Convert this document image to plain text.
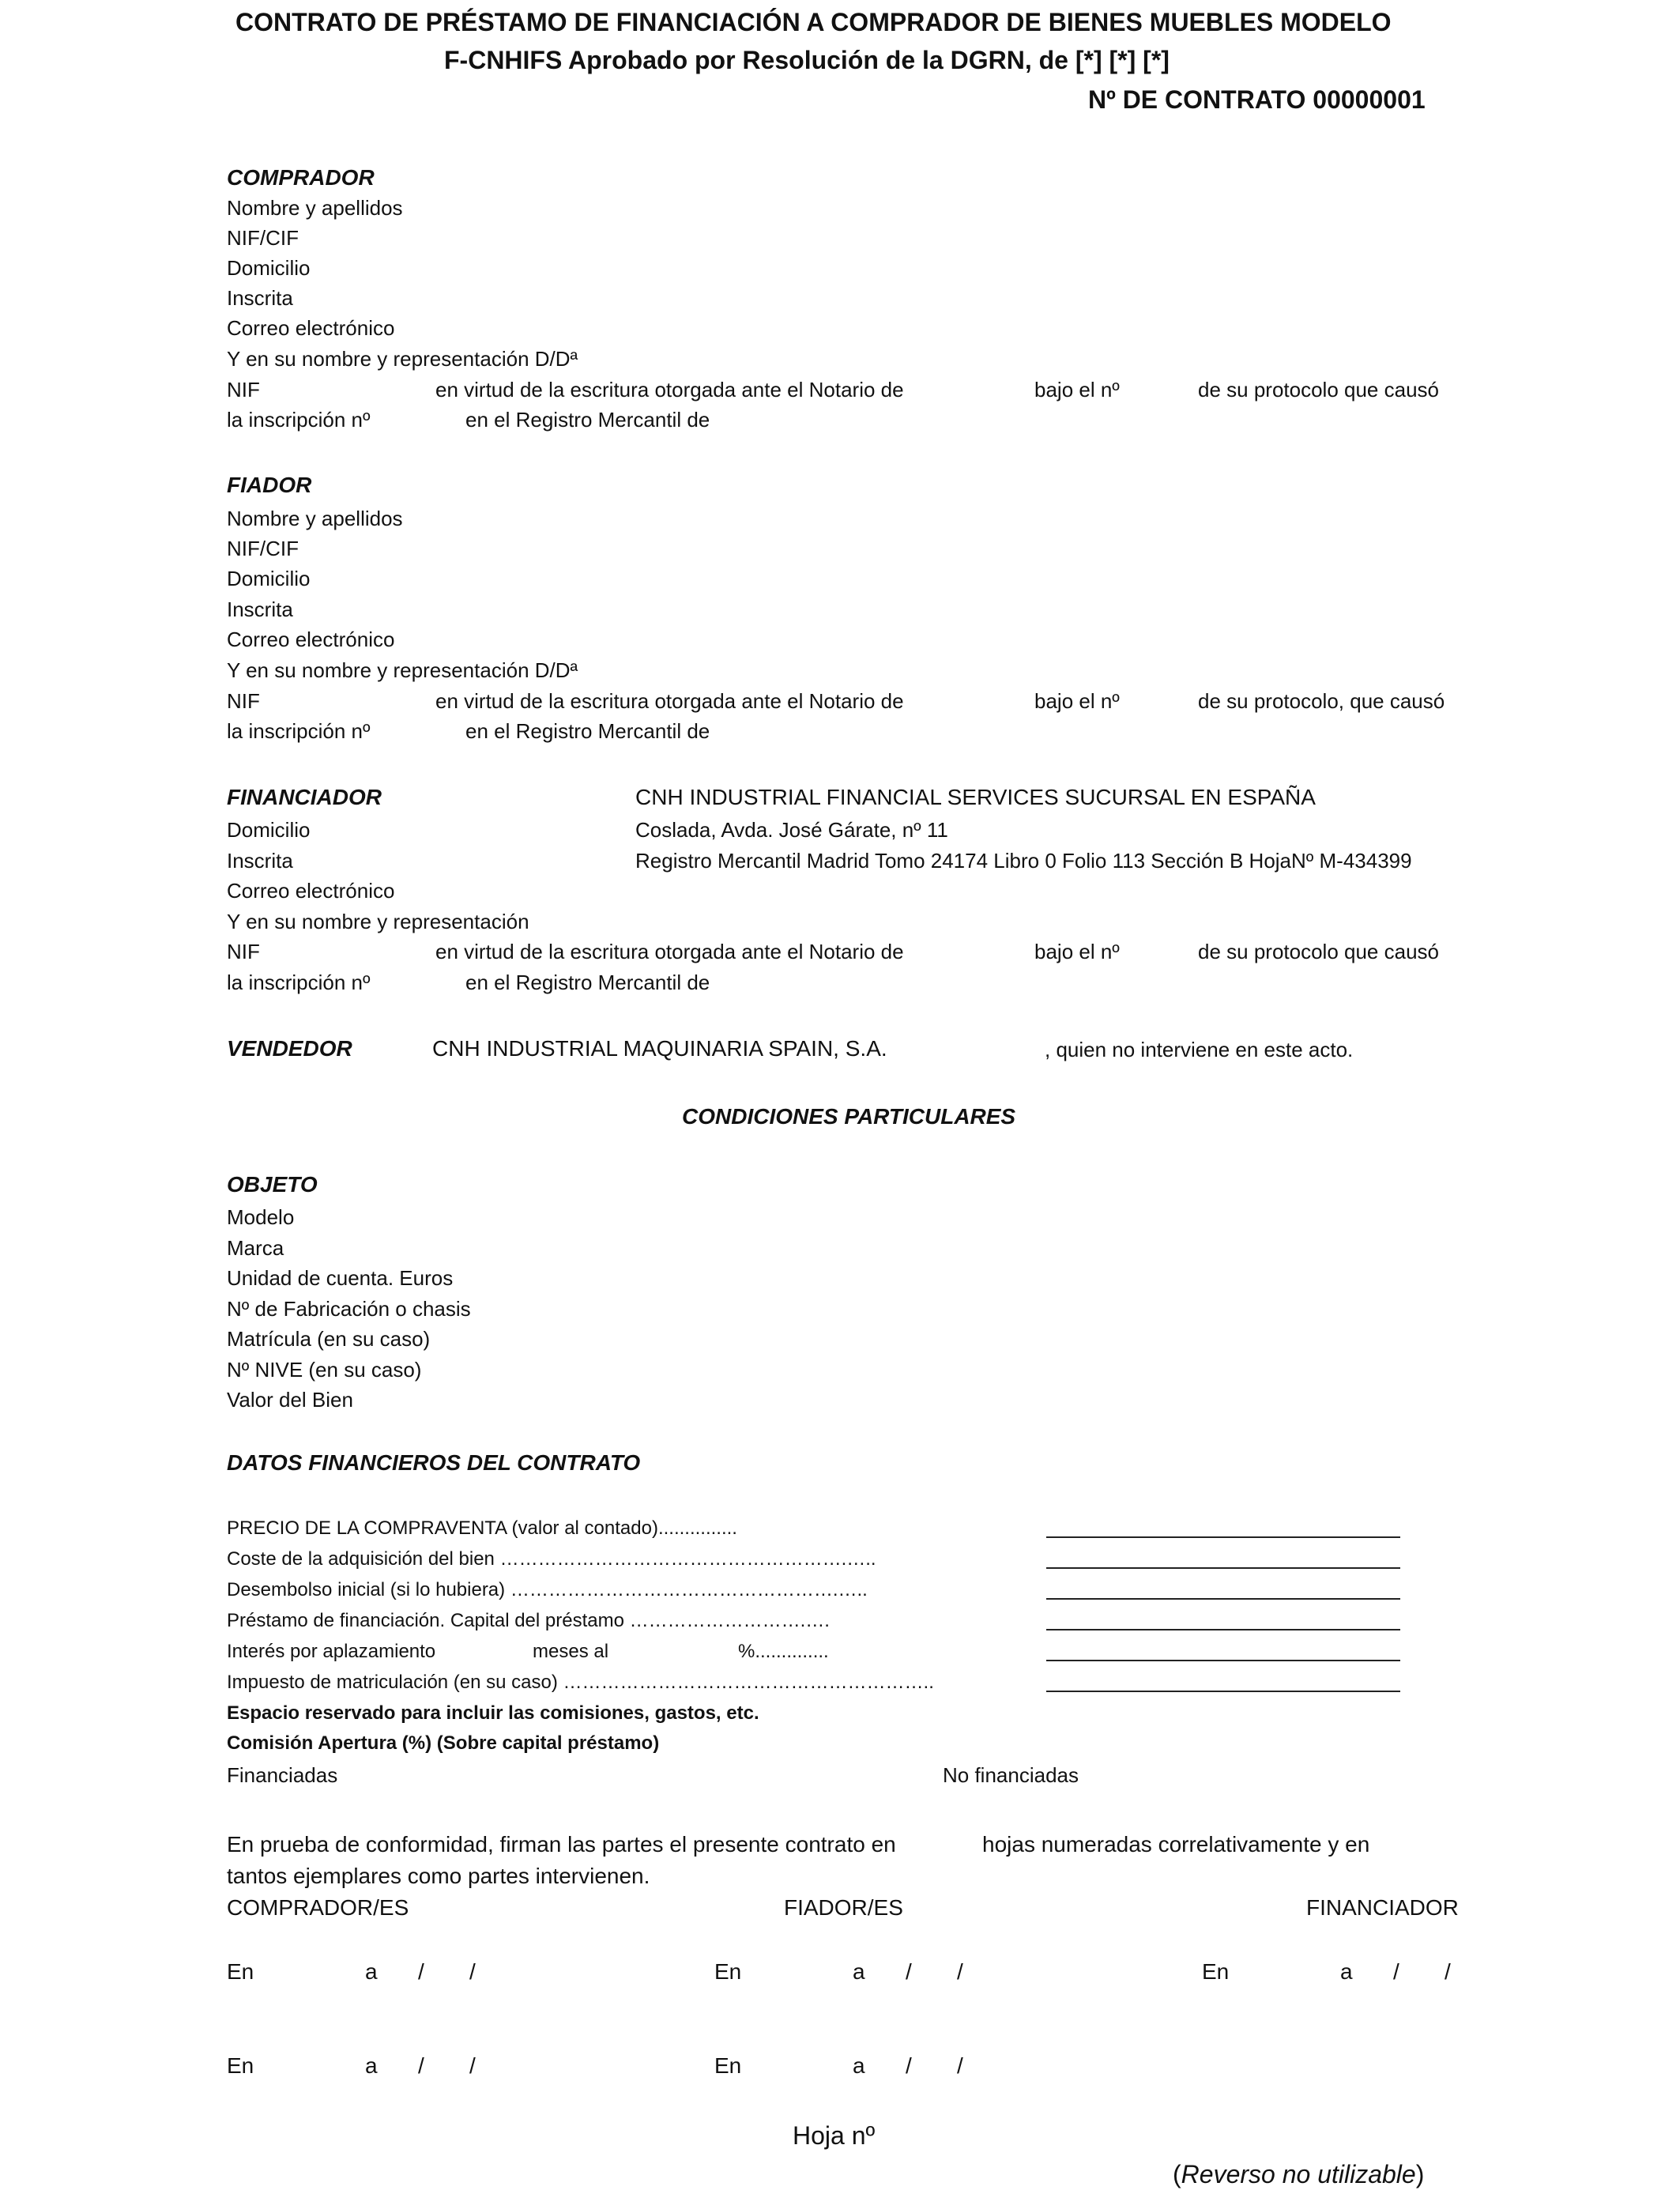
CONTRATO DE PRÉSTAMO DE FINANCIACIÓN A COMPRADOR DE BIENES MUEBLES MODELO
F-CNHIFS Aprobado por Resolución de la DGRN, de [*] [*] [*]
Nº DE CONTRATO 00000001
COMPRADOR
Nombre y apellidos
NIF/CIF
Domicilio
Inscrita
Correo electrónico
Y en su nombre y representación D/Dª
NIF	en virtud de la escritura otorgada ante el Notario de	bajo el nº	de su protocolo que causó
la inscripción nº	en el Registro Mercantil de
FIADOR
Nombre y apellidos
NIF/CIF
Domicilio
Inscrita
Correo electrónico
Y en su nombre y representación D/Dª
NIF	en virtud de la escritura otorgada ante el Notario de	bajo el nº	de su protocolo, que causó
la inscripción nº	en el Registro Mercantil de
FINANCIADOR	CNH INDUSTRIAL FINANCIAL SERVICES SUCURSAL EN ESPAÑA
Domicilio	Coslada, Avda. José Gárate, nº 11
Inscrita	Registro Mercantil Madrid Tomo 24174 Libro 0 Folio 113 Sección B HojaNº M-434399
Correo electrónico
Y en su nombre y representación
NIF	en virtud de la escritura otorgada ante el Notario de	bajo el nº	de su protocolo que causó
la inscripción nº	en el Registro Mercantil de
VENDEDOR	CNH INDUSTRIAL MAQUINARIA SPAIN, S.A.	, quien no interviene en este acto.
CONDICIONES PARTICULARES
OBJETO
Modelo
Marca
Unidad de cuenta. Euros
Nº de Fabricación o chasis
Matrícula (en su caso)
Nº NIVE (en su caso)
Valor del Bien
DATOS FINANCIEROS DEL CONTRATO
PRECIO DE LA COMPRAVENTA (valor al contado)...............
Coste de la adquisición del bien ……………………………………………….…..
Desembolso inicial (si lo hubiera) …………………………………………….…..
Préstamo de financiación. Capital del préstamo ……………………….….
Interés por aplazamiento	meses al	%..............
Impuesto de matriculación (en su caso) …………………………………………………..
Espacio reservado para incluir las comisiones, gastos, etc.
Comisión Apertura (%) (Sobre capital préstamo)
Financiadas	No financiadas
En prueba de conformidad, firman las partes el presente contrato en	hojas numeradas correlativamente y en
tantos ejemplares como partes intervienen.
COMPRADOR/ES	FIADOR/ES	FINANCIADOR
En	a / /	En	a / /	En	a / /
En	a / /	En	a / /
Hoja nº
(Reverso no utilizable)
